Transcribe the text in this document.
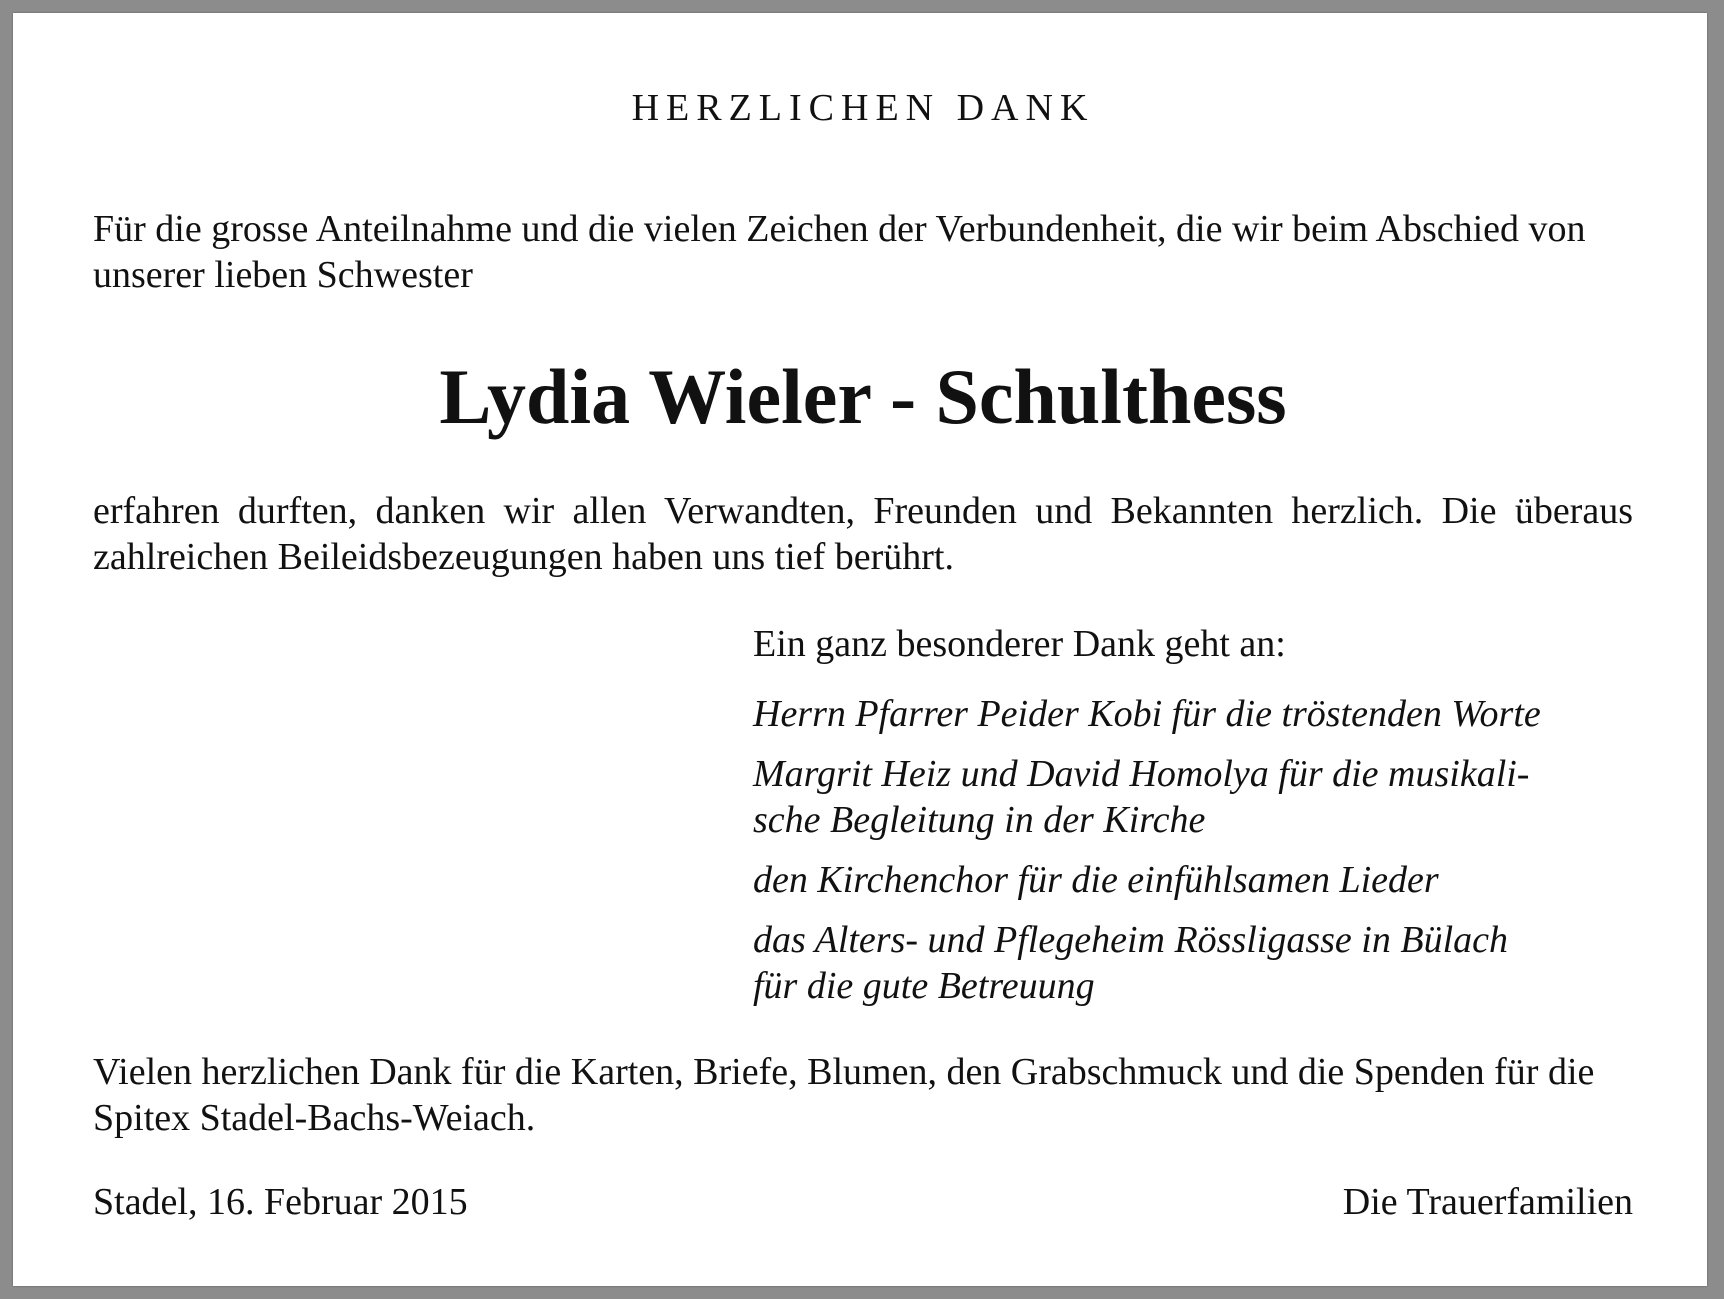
HERZLICHEN DANK

Für die grosse Anteilnahme und die vielen Zeichen der Verbundenheit, die wir beim Abschied von unserer lieben Schwester

Lydia Wieler - Schulthess

erfahren durften, danken wir allen Verwandten, Freunden und Bekannten herzlich. Die überaus zahlreichen Beileidsbezeugungen haben uns tief berührt.

Ein ganz besonderer Dank geht an:

Herrn Pfarrer Peider Kobi für die tröstenden Worte
Margrit Heiz und David Homolya für die musikali-
sche Begleitung in der Kirche
den Kirchenchor für die einfühlsamen Lieder
das Alters- und Pflegeheim Rössligasse in Bülach
für die gute Betreuung

Vielen herzlichen Dank für die Karten, Briefe, Blumen, den Grabschmuck und die Spenden für die Spitex Stadel-Bachs-Weiach.

Stadel, 16. Februar 2015	Die Trauerfamilien
